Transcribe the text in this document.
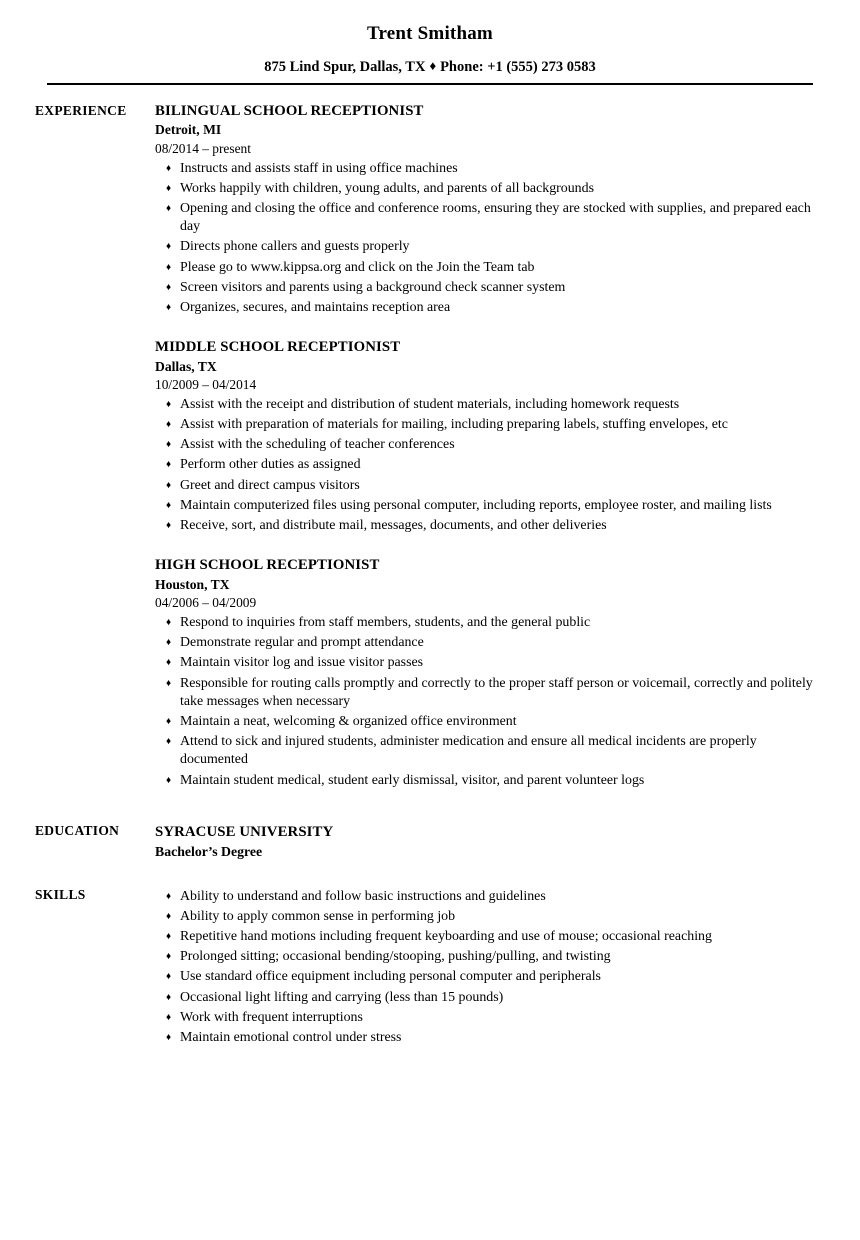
Trent Smitham
875 Lind Spur, Dallas, TX ♦ Phone: +1 (555) 273 0583
EXPERIENCE	BILINGUAL SCHOOL RECEPTIONIST
Detroit, MI
08/2014 – present
♦ Instructs and assists staff in using office machines
♦ Works happily with children, young adults, and parents of all backgrounds
♦ Opening and closing the office and conference rooms, ensuring they are stocked with supplies, and prepared each day
♦ Directs phone callers and guests properly
♦ Please go to www.kippsa.org and click on the Join the Team tab
♦ Screen visitors and parents using a background check scanner system
♦ Organizes, secures, and maintains reception area
MIDDLE SCHOOL RECEPTIONIST
Dallas, TX
10/2009 – 04/2014
♦ Assist with the receipt and distribution of student materials, including homework requests
♦ Assist with preparation of materials for mailing, including preparing labels, stuffing envelopes, etc
♦ Assist with the scheduling of teacher conferences
♦ Perform other duties as assigned
♦ Greet and direct campus visitors
♦ Maintain computerized files using personal computer, including reports, employee roster, and mailing lists
♦ Receive, sort, and distribute mail, messages, documents, and other deliveries
HIGH SCHOOL RECEPTIONIST
Houston, TX
04/2006 – 04/2009
♦ Respond to inquiries from staff members, students, and the general public
♦ Demonstrate regular and prompt attendance
♦ Maintain visitor log and issue visitor passes
♦ Responsible for routing calls promptly and correctly to the proper staff person or voicemail, correctly and politely take messages when necessary
♦ Maintain a neat, welcoming & organized office environment
♦ Attend to sick and injured students, administer medication and ensure all medical incidents are properly documented
♦ Maintain student medical, student early dismissal, visitor, and parent volunteer logs
EDUCATION	SYRACUSE UNIVERSITY
Bachelor’s Degree
SKILLS	♦ Ability to understand and follow basic instructions and guidelines
♦ Ability to apply common sense in performing job
♦ Repetitive hand motions including frequent keyboarding and use of mouse; occasional reaching
♦ Prolonged sitting; occasional bending/stooping, pushing/pulling, and twisting
♦ Use standard office equipment including personal computer and peripherals
♦ Occasional light lifting and carrying (less than 15 pounds)
♦ Work with frequent interruptions
♦ Maintain emotional control under stress
